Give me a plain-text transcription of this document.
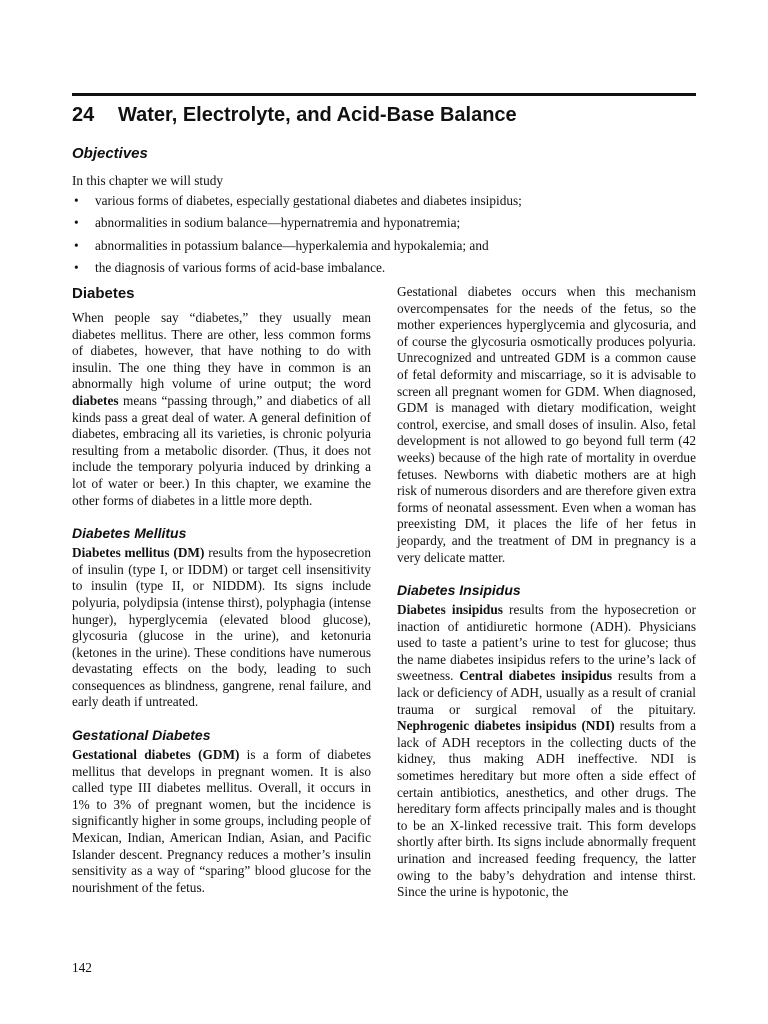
24 Water, Electrolyte, and Acid-Base Balance
Objectives

In this chapter we will study

• various forms of diabetes, especially gestational diabetes and diabetes insipidus;
• abnormalities in sodium balance—hypernatremia and hyponatremia;
• abnormalities in potassium balance—hyperkalemia and hypokalemia; and
• the diagnosis of various forms of acid-base imbalance.
Diabetes

When people say “diabetes,” they usually mean diabetes mellitus. There are other, less common forms of diabetes, however, that have nothing to do with insulin. The one thing they have in common is an abnormally high volume of urine output; the word diabetes means “passing through,” and diabetics of all kinds pass a great deal of water. A general definition of diabetes, embracing all its varieties, is chronic polyuria resulting from a metabolic disorder. (Thus, it does not include the temporary polyuria induced by drinking a lot of water or beer.) In this chapter, we examine the other forms of diabetes in a little more depth.

Diabetes Mellitus

Diabetes mellitus (DM) results from the hyposecretion of insulin (type I, or IDDM) or target cell insensitivity to insulin (type II, or NIDDM). Its signs include polyuria, polydipsia (intense thirst), polyphagia (intense hunger), hyperglycemia (elevated blood glucose), glycosuria (glucose in the urine), and ketonuria (ketones in the urine). These conditions have numerous devastating effects on the body, leading to such consequences as blindness, gangrene, renal failure, and early death if untreated.

Gestational Diabetes

Gestational diabetes (GDM) is a form of diabetes mellitus that develops in pregnant women. It is also called type III diabetes mellitus. Overall, it occurs in 1% to 3% of pregnant women, but the incidence is significantly higher in some groups, including people of Mexican, Indian, American Indian, Asian, and Pacific Islander descent. Pregnancy reduces a mother’s insulin sensitivity as a way of “sparing” blood glucose for the nourishment of the fetus.

Gestational diabetes occurs when this mechanism overcompensates for the needs of the fetus, so the mother experiences hyperglycemia and glycosuria, and of course the glycosuria osmotically produces polyuria. Unrecognized and untreated GDM is a common cause of fetal deformity and miscarriage, so it is advisable to screen all pregnant women for GDM. When diagnosed, GDM is managed with dietary modification, weight control, exercise, and small doses of insulin. Also, fetal development is not allowed to go beyond full term (42 weeks) because of the high rate of mortality in overdue fetuses. Newborns with diabetic mothers are at high risk of numerous disorders and are therefore given extra forms of neonatal assessment. Even when a woman has preexisting DM, it places the life of her fetus in jeopardy, and the treatment of DM in pregnancy is a very delicate matter.

Diabetes Insipidus

Diabetes insipidus results from the hyposecretion or inaction of antidiuretic hormone (ADH). Physicians used to taste a patient’s urine to test for glucose; thus the name diabetes insipidus refers to the urine’s lack of sweetness. Central diabetes insipidus results from a lack or deficiency of ADH, usually as a result of cranial trauma or surgical removal of the pituitary. Nephrogenic diabetes insipidus (NDI) results from a lack of ADH receptors in the collecting ducts of the kidney, thus making ADH ineffective. NDI is sometimes hereditary but more often a side effect of certain antibiotics, anesthetics, and other drugs. The hereditary form affects principally males and is thought to be an X-linked recessive trait. This form develops shortly after birth. Its signs include abnormally frequent urination and increased feeding frequency, the latter owing to the baby’s dehydration and intense thirst. Since the urine is hypotonic, the

142
